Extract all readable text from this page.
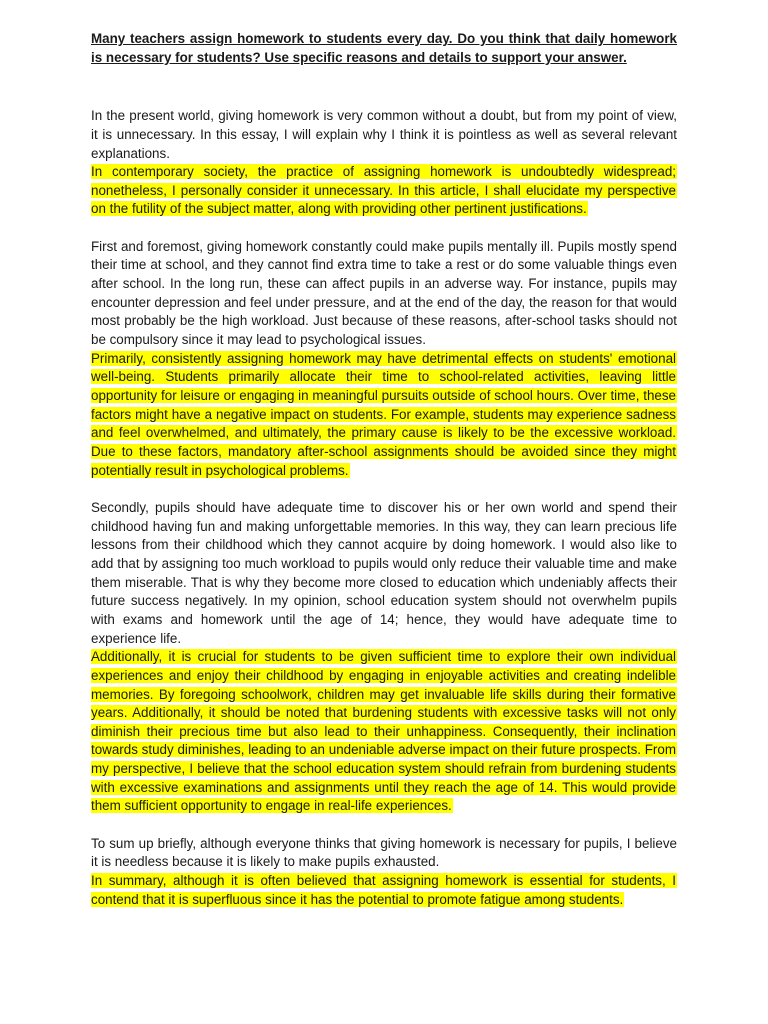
Many teachers assign homework to students every day. Do you think that daily homework is necessary for students? Use specific reasons and details to support your answer.

In the present world, giving homework is very common without a doubt, but from my point of view, it is unnecessary. In this essay, I will explain why I think it is pointless as well as several relevant explanations.

In contemporary society, the practice of assigning homework is undoubtedly widespread; nonetheless, I personally consider it unnecessary. In this article, I shall elucidate my perspective on the futility of the subject matter, along with providing other pertinent justifications.

First and foremost, giving homework constantly could make pupils mentally ill. Pupils mostly spend their time at school, and they cannot find extra time to take a rest or do some valuable things even after school. In the long run, these can affect pupils in an adverse way. For instance, pupils may encounter depression and feel under pressure, and at the end of the day, the reason for that would most probably be the high workload. Just because of these reasons, after-school tasks should not be compulsory since it may lead to psychological issues.

Primarily, consistently assigning homework may have detrimental effects on students' emotional well-being. Students primarily allocate their time to school-related activities, leaving little opportunity for leisure or engaging in meaningful pursuits outside of school hours. Over time, these factors might have a negative impact on students. For example, students may experience sadness and feel overwhelmed, and ultimately, the primary cause is likely to be the excessive workload. Due to these factors, mandatory after-school assignments should be avoided since they might potentially result in psychological problems.

Secondly, pupils should have adequate time to discover his or her own world and spend their childhood having fun and making unforgettable memories. In this way, they can learn precious life lessons from their childhood which they cannot acquire by doing homework. I would also like to add that by assigning too much workload to pupils would only reduce their valuable time and make them miserable. That is why they become more closed to education which undeniably affects their future success negatively. In my opinion, school education system should not overwhelm pupils with exams and homework until the age of 14; hence, they would have adequate time to experience life.

Additionally, it is crucial for students to be given sufficient time to explore their own individual experiences and enjoy their childhood by engaging in enjoyable activities and creating indelible memories. By foregoing schoolwork, children may get invaluable life skills during their formative years. Additionally, it should be noted that burdening students with excessive tasks will not only diminish their precious time but also lead to their unhappiness. Consequently, their inclination towards study diminishes, leading to an undeniable adverse impact on their future prospects. From my perspective, I believe that the school education system should refrain from burdening students with excessive examinations and assignments until they reach the age of 14. This would provide them sufficient opportunity to engage in real-life experiences.

To sum up briefly, although everyone thinks that giving homework is necessary for pupils, I believe it is needless because it is likely to make pupils exhausted.

In summary, although it is often believed that assigning homework is essential for students, I contend that it is superfluous since it has the potential to promote fatigue among students.
